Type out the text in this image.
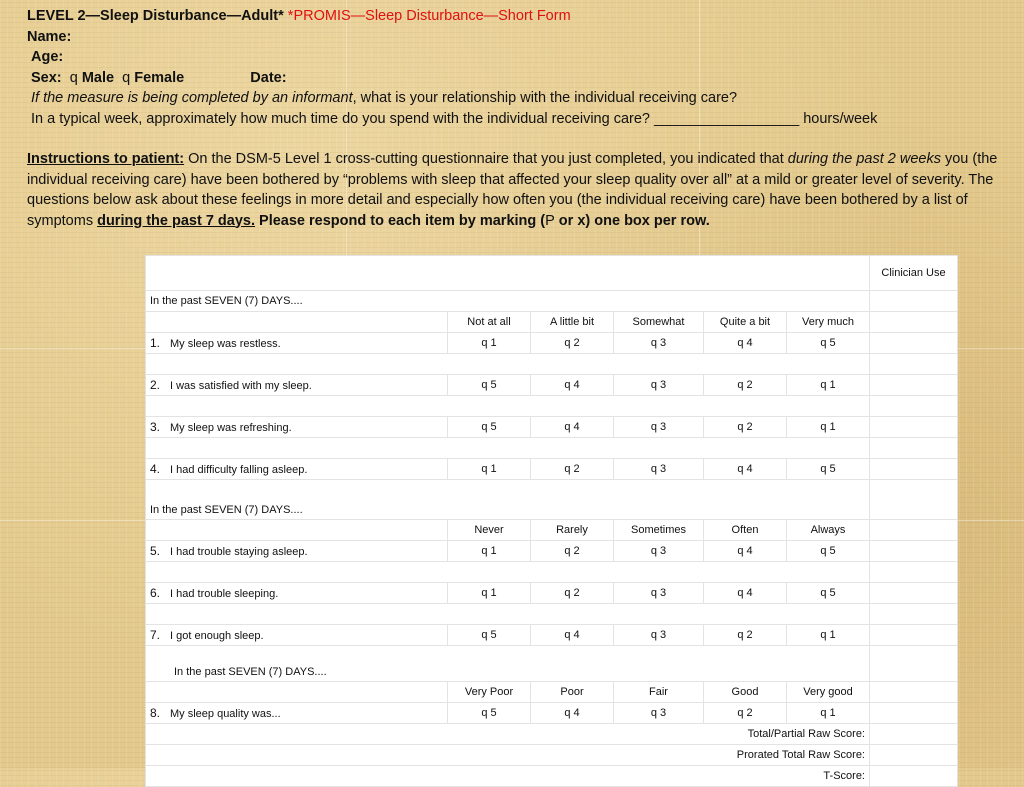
LEVEL 2—Sleep Disturbance—Adult* *PROMIS—Sleep Disturbance—Short Form
Name:
Age:
Sex: q Male q Female	Date:
If the measure is being completed by an informant, what is your relationship with the individual receiving care?
In a typical week, approximately how much time do you spend with the individual receiving care? __________________ hours/week
Instructions to patient: On the DSM-5 Level 1 cross-cutting questionnaire that you just completed, you indicated that during the past 2 weeks you (the individual receiving care) have been bothered by “problems with sleep that affected your sleep quality over all” at a mild or greater level of severity. The questions below ask about these feelings in more detail and especially how often you (the individual receiving care) have been bothered by a list of symptoms during the past 7 days. Please respond to each item by marking (P or x) one box per row.
						Clinician Use
In the past SEVEN (7) DAYS....						
	Not at all	A little bit	Somewhat	Quite a bit	Very much	
1. My sleep was restless.	q 1	q 2	q 3	q 4	q 5	

2. I was satisfied with my sleep.	q 5	q 4	q 3	q 2	q 1	

3. My sleep was refreshing.	q 5	q 4	q 3	q 2	q 1	

4. I had difficulty falling asleep.	q 1	q 2	q 3	q 4	q 5	
In the past SEVEN (7) DAYS....						
	Never	Rarely	Sometimes	Often	Always	
5. I had trouble staying asleep.	q 1	q 2	q 3	q 4	q 5	

6. I had trouble sleeping.	q 1	q 2	q 3	q 4	q 5	

7. I got enough sleep.	q 5	q 4	q 3	q 2	q 1	
In the past SEVEN (7) DAYS....						
	Very Poor	Poor	Fair	Good	Very good	
8. My sleep quality was...	q 5	q 4	q 3	q 2	q 1	
Total/Partial Raw Score:						
Prorated Total Raw Score:						
T-Score:						
